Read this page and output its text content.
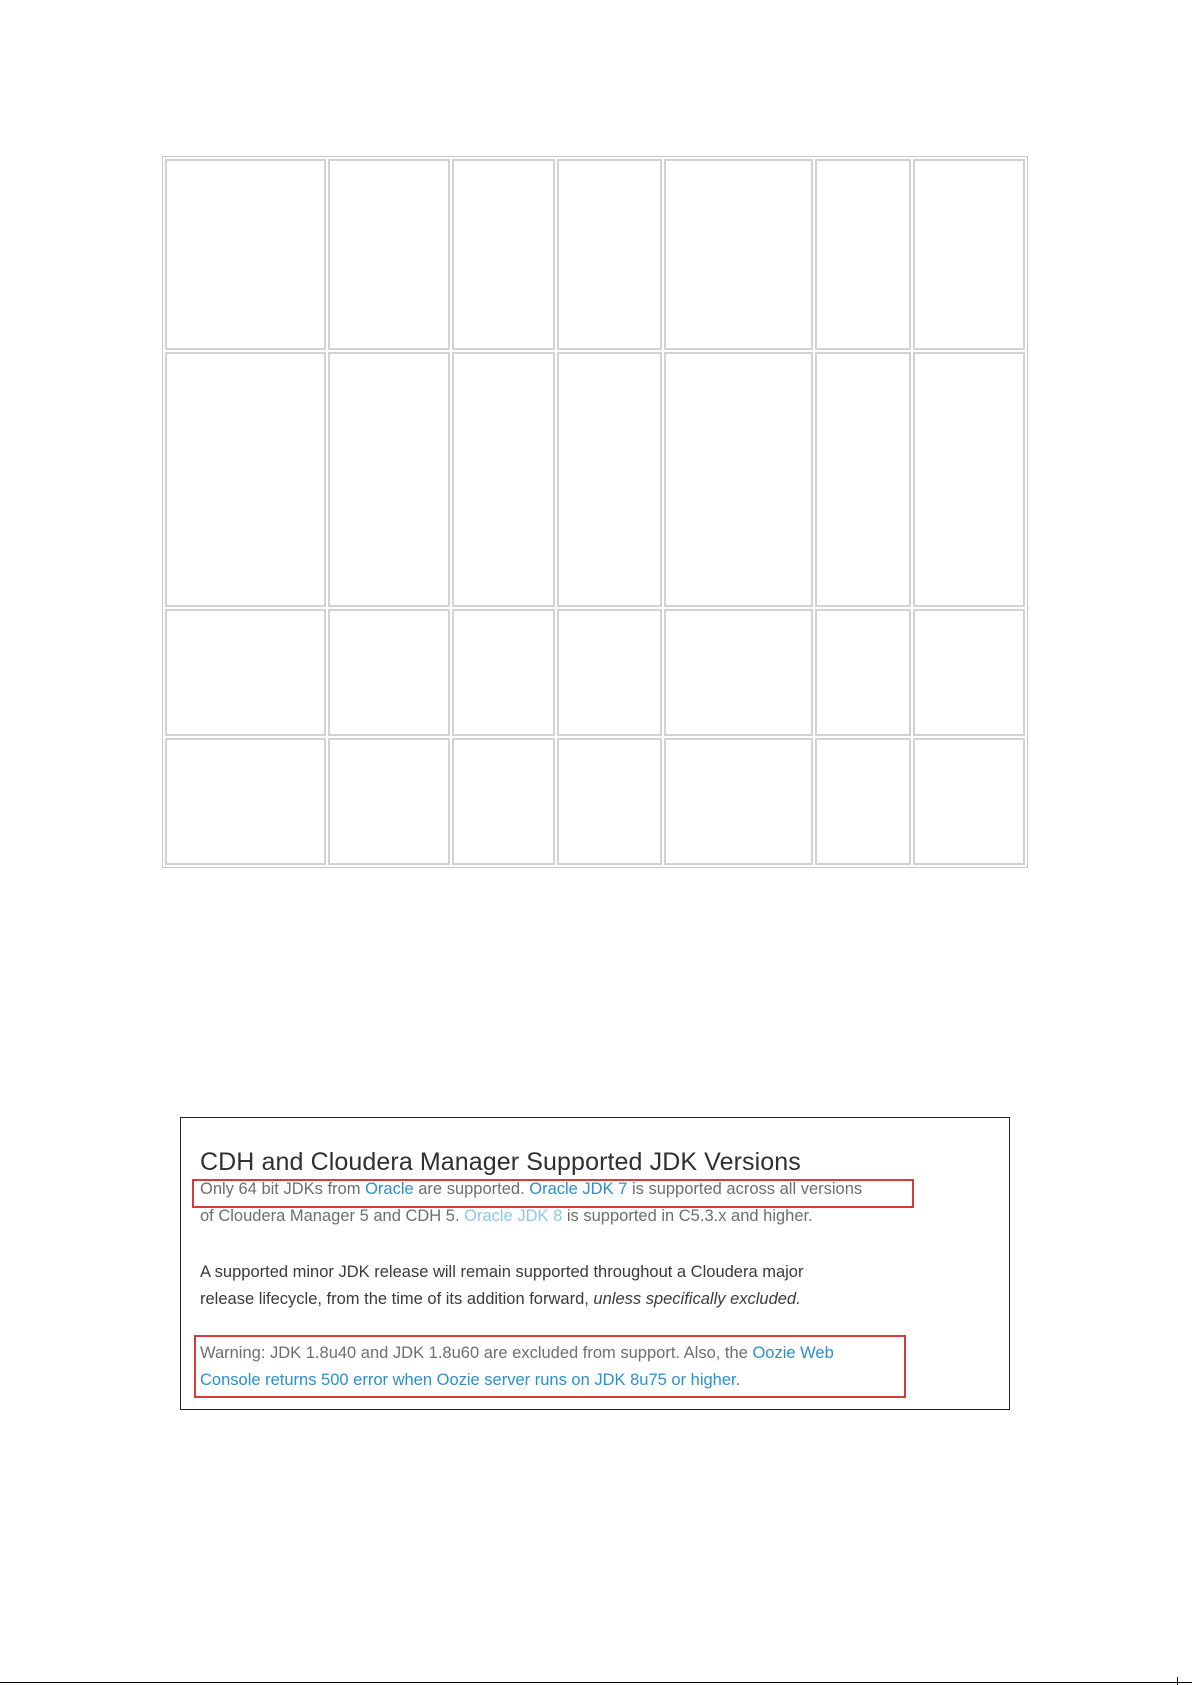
CDH and Cloudera Manager Supported JDK Versions

Only 64 bit JDKs from Oracle are supported. Oracle JDK 7 is supported across all versions
of Cloudera Manager 5 and CDH 5. Oracle JDK 8 is supported in C5.3.x and higher.

A supported minor JDK release will remain supported throughout a Cloudera major
release lifecycle, from the time of its addition forward, unless specifically excluded.

Warning: JDK 1.8u40 and JDK 1.8u60 are excluded from support. Also, the Oozie Web
Console returns 500 error when Oozie server runs on JDK 8u75 or higher.
